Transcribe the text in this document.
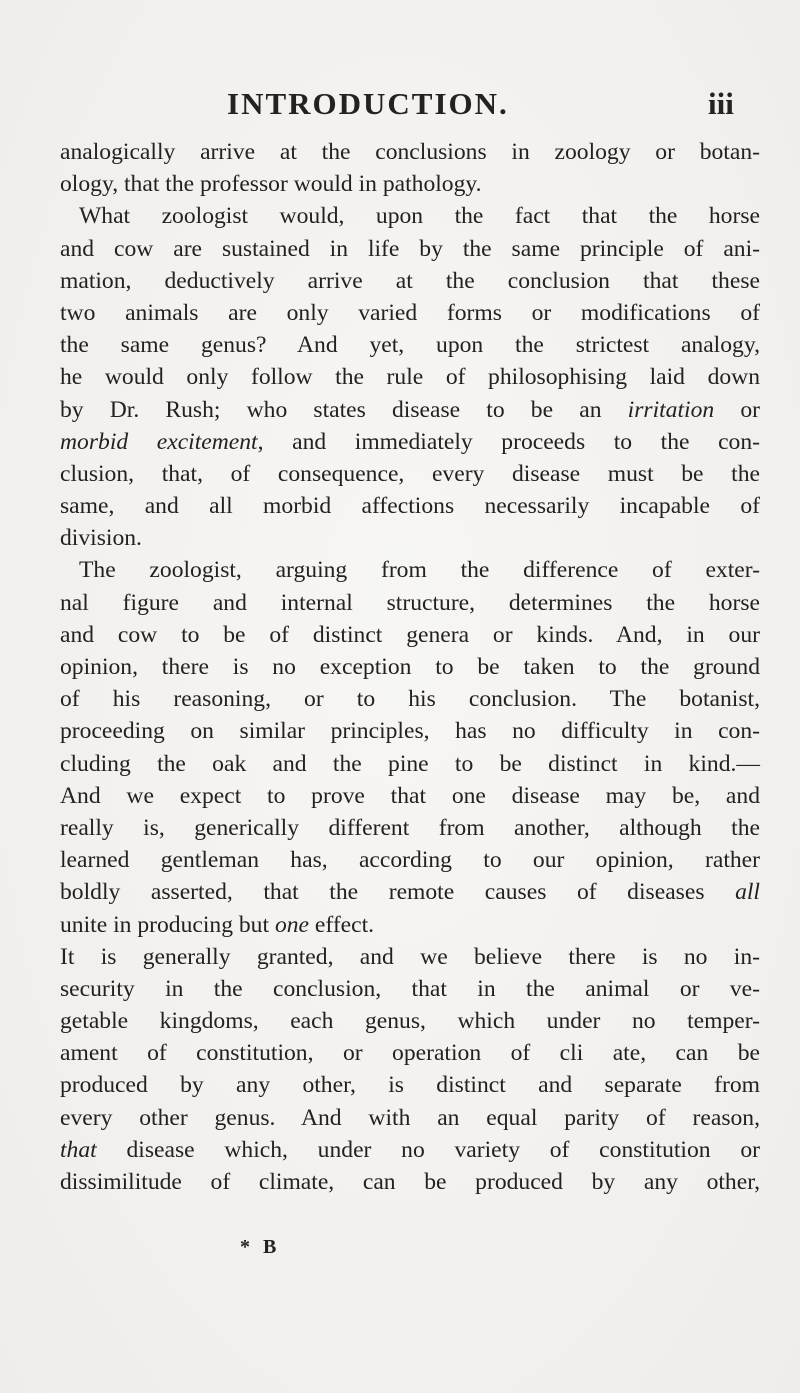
INTRODUCTION.	iii
analogically arrive at the conclusions in zoology or botan-
ology, that the professor would in pathology.
What zoologist would, upon the fact that the horse
and cow are sustained in life by the same principle of ani-
mation, deductively arrive at the conclusion that these
two animals are only varied forms or modifications of
the same genus? And yet, upon the strictest analogy,
he would only follow the rule of philosophising laid down
by Dr. Rush; who states disease to be an irritation or
morbid excitement, and immediately proceeds to the con-
clusion, that, of consequence, every disease must be the
same, and all morbid affections necessarily incapable of
division.
The zoologist, arguing from the difference of exter-
nal figure and internal structure, determines the horse
and cow to be of distinct genera or kinds. And, in our
opinion, there is no exception to be taken to the ground
of his reasoning, or to his conclusion. The botanist,
proceeding on similar principles, has no difficulty in con-
cluding the oak and the pine to be distinct in kind.—
And we expect to prove that one disease may be, and
really is, generically different from another, although the
learned gentleman has, according to our opinion, rather
boldly asserted, that the remote causes of diseases all
unite in producing but one effect.
It is generally granted, and we believe there is no in-
security in the conclusion, that in the animal or ve-
getable kingdoms, each genus, which under no temper-
ament of constitution, or operation of cli ate, can be
produced by any other, is distinct and separate from
every other genus. And with an equal parity of reason,
that disease which, under no variety of constitution or
dissimilitude of climate, can be produced by any other,
* B
